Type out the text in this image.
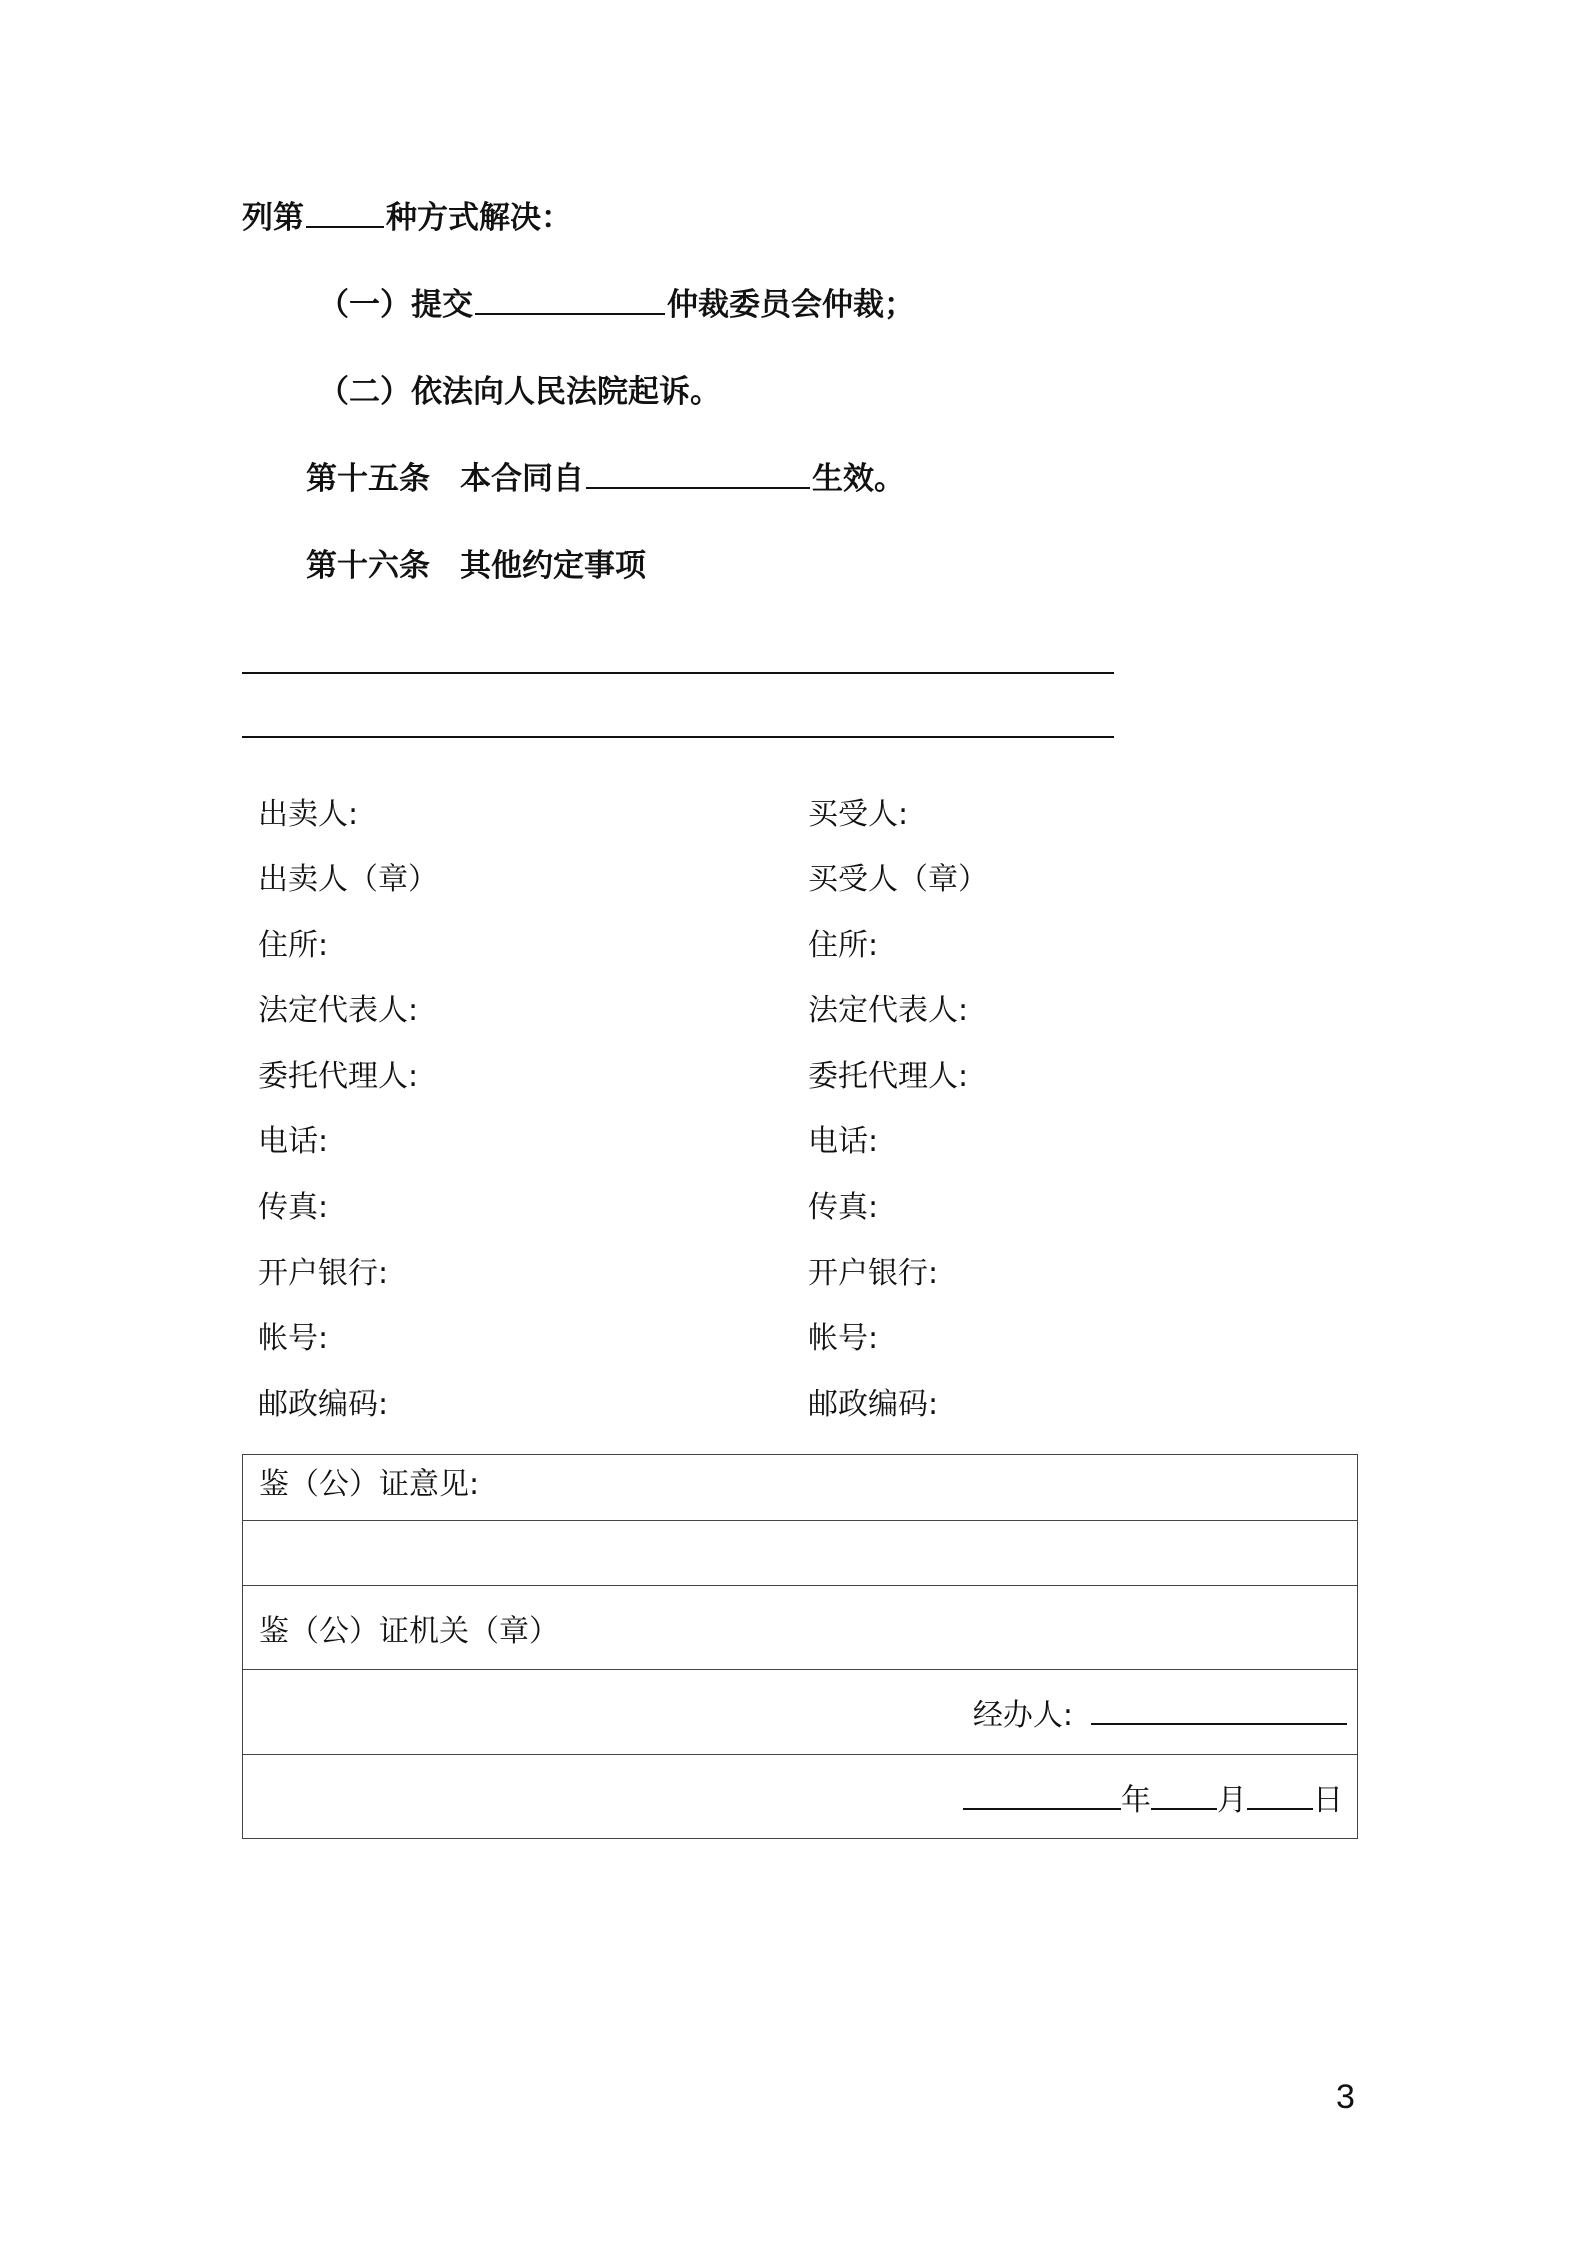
列第	种方式解决：
（一）提交	仲裁委员会仲裁；
（二）依法向人民法院起诉。
第十五条 本合同自	生效。
第十六条 其他约定事项
出卖人:	买受人:
出卖人（章）	买受人（章）
住所:	住所:
法定代表人:	法定代表人:
委托代理人:	委托代理人:
电话:	电话:
传真:	传真:
开户银行:	开户银行:
帐号:	帐号:
邮政编码:	邮政编码:
鉴（公）证意见:

鉴（公）证机关（章）
经办人:
年 月 日
3
